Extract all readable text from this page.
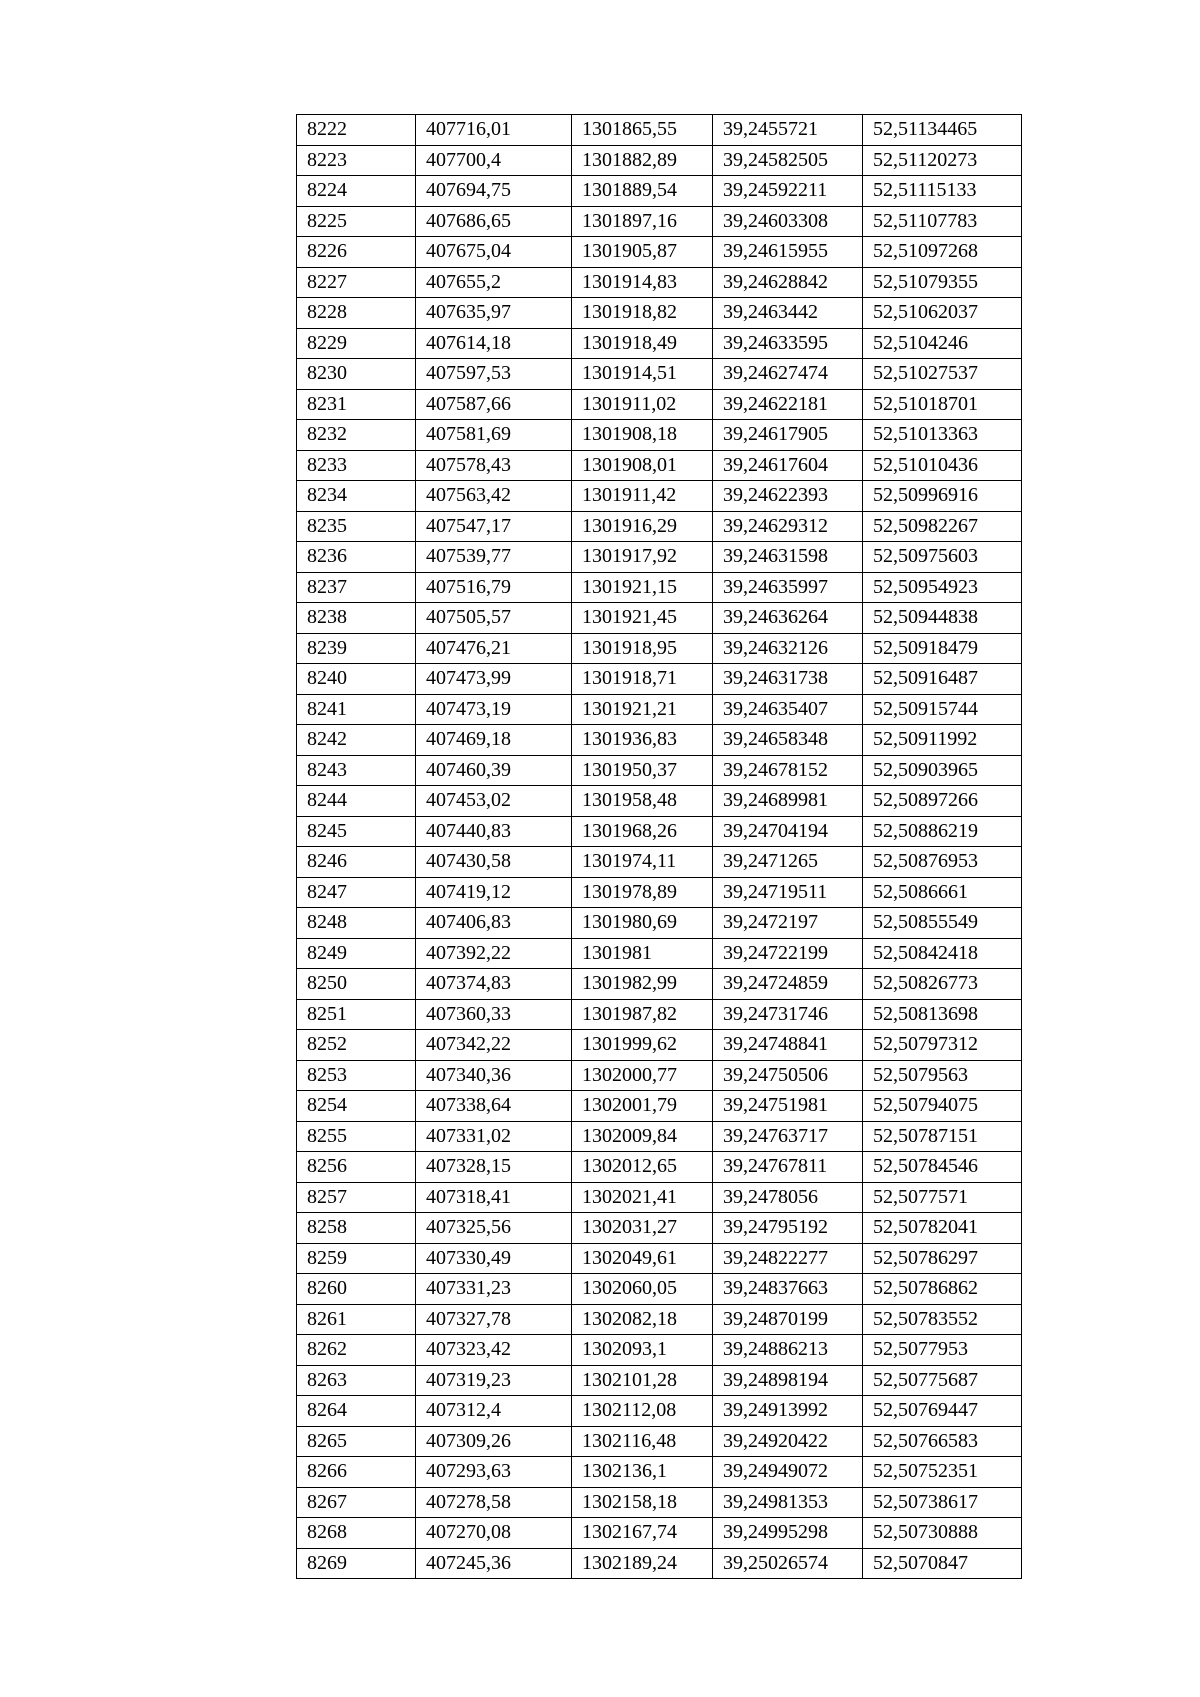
8222	407716,01	1301865,55	39,2455721	52,51134465
8223	407700,4	1301882,89	39,24582505	52,51120273
8224	407694,75	1301889,54	39,24592211	52,51115133
8225	407686,65	1301897,16	39,24603308	52,51107783
8226	407675,04	1301905,87	39,24615955	52,51097268
8227	407655,2	1301914,83	39,24628842	52,51079355
8228	407635,97	1301918,82	39,2463442	52,51062037
8229	407614,18	1301918,49	39,24633595	52,5104246
8230	407597,53	1301914,51	39,24627474	52,51027537
8231	407587,66	1301911,02	39,24622181	52,51018701
8232	407581,69	1301908,18	39,24617905	52,51013363
8233	407578,43	1301908,01	39,24617604	52,51010436
8234	407563,42	1301911,42	39,24622393	52,50996916
8235	407547,17	1301916,29	39,24629312	52,50982267
8236	407539,77	1301917,92	39,24631598	52,50975603
8237	407516,79	1301921,15	39,24635997	52,50954923
8238	407505,57	1301921,45	39,24636264	52,50944838
8239	407476,21	1301918,95	39,24632126	52,50918479
8240	407473,99	1301918,71	39,24631738	52,50916487
8241	407473,19	1301921,21	39,24635407	52,50915744
8242	407469,18	1301936,83	39,24658348	52,50911992
8243	407460,39	1301950,37	39,24678152	52,50903965
8244	407453,02	1301958,48	39,24689981	52,50897266
8245	407440,83	1301968,26	39,24704194	52,50886219
8246	407430,58	1301974,11	39,2471265	52,50876953
8247	407419,12	1301978,89	39,24719511	52,5086661
8248	407406,83	1301980,69	39,2472197	52,50855549
8249	407392,22	1301981	39,24722199	52,50842418
8250	407374,83	1301982,99	39,24724859	52,50826773
8251	407360,33	1301987,82	39,24731746	52,50813698
8252	407342,22	1301999,62	39,24748841	52,50797312
8253	407340,36	1302000,77	39,24750506	52,5079563
8254	407338,64	1302001,79	39,24751981	52,50794075
8255	407331,02	1302009,84	39,24763717	52,50787151
8256	407328,15	1302012,65	39,24767811	52,50784546
8257	407318,41	1302021,41	39,2478056	52,5077571
8258	407325,56	1302031,27	39,24795192	52,50782041
8259	407330,49	1302049,61	39,24822277	52,50786297
8260	407331,23	1302060,05	39,24837663	52,50786862
8261	407327,78	1302082,18	39,24870199	52,50783552
8262	407323,42	1302093,1	39,24886213	52,5077953
8263	407319,23	1302101,28	39,24898194	52,50775687
8264	407312,4	1302112,08	39,24913992	52,50769447
8265	407309,26	1302116,48	39,24920422	52,50766583
8266	407293,63	1302136,1	39,24949072	52,50752351
8267	407278,58	1302158,18	39,24981353	52,50738617
8268	407270,08	1302167,74	39,24995298	52,50730888
8269	407245,36	1302189,24	39,25026574	52,5070847
